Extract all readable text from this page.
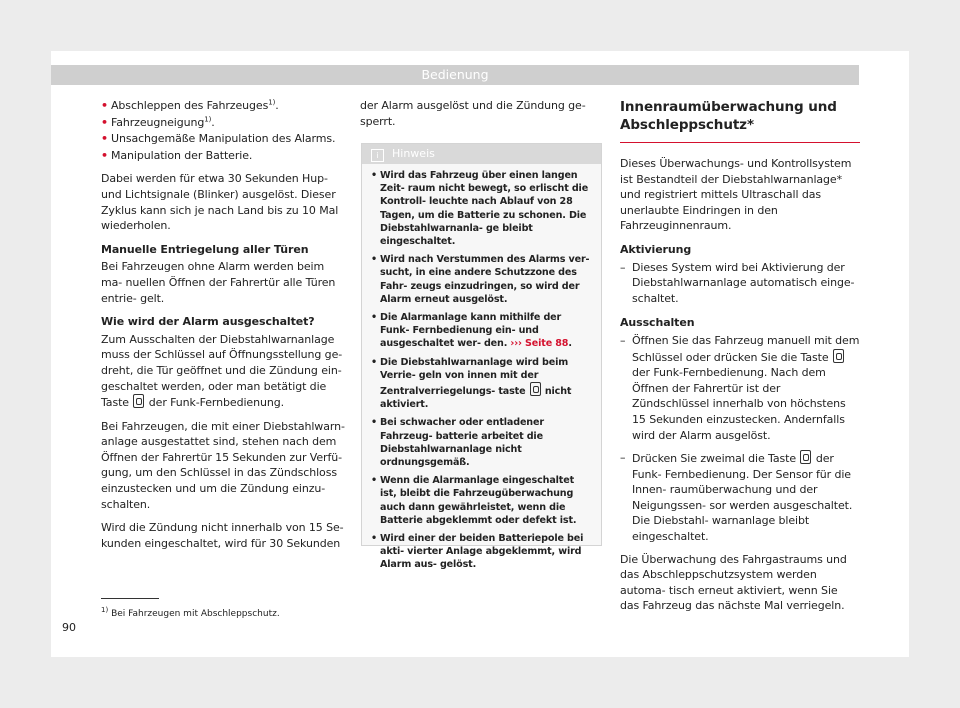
Bedienung
• Abschleppen des Fahrzeuges$^{1)}$.
• Fahrzeugneigung$^{1)}$.
• Unsachgemäße Manipulation des Alarms.
• Manipulation der Batterie.

Dabei werden für etwa 30 Sekunden Hup- und Lichtsignale (Blinker) ausgelöst. Dieser Zyklus kann sich je nach Land bis zu 10 Mal wiederholen.

Manuelle Entriegelung aller Türen

Bei Fahrzeugen ohne Alarm werden beim ma- nuellen Öffnen der Fahrertür alle Türen entrie- gelt.

Wie wird der Alarm ausgeschaltet?

Zum Ausschalten der Diebstahlwarnanlage muss der Schlüssel auf Öffnungsstellung ge- dreht, die Tür geöffnet und die Zündung ein- geschaltet werden, oder man betätigt die Taste der Funk-Fernbedienung.

Bei Fahrzeugen, die mit einer Diebstahlwarn- anlage ausgestattet sind, stehen nach dem Öffnen der Fahrertür 15 Sekunden zur Verfü- gung, um den Schlüssel in das Zündschloss einzustecken und um die Zündung einzu- schalten.

Wird die Zündung nicht innerhalb von 15 Se- kunden eingeschaltet, wird für 30 Sekunden

der Alarm ausgelöst und die Zündung ge- sperrt.

i Hinweis
• Wird das Fahrzeug über einen langen Zeit- raum nicht bewegt, so erlischt die Kontroll- leuchte nach Ablauf von 28 Tagen, um die Batterie zu schonen. Die Diebstahlwarnanla- ge bleibt eingeschaltet.
• Wird nach Verstummen des Alarms ver- sucht, in eine andere Schutzzone des Fahr- zeugs einzudringen, so wird der Alarm erneut ausgelöst.
• Die Alarmanlage kann mithilfe der Funk- Fernbedienung ein- und ausgeschaltet wer- den. ››› Seite 88.
• Die Diebstahlwarnanlage wird beim Verrie- geln von innen mit der Zentralverriegelungs- taste nicht aktiviert.
• Bei schwacher oder entladener Fahrzeug- batterie arbeitet die Diebstahlwarnanlage nicht ordnungsgemäß.
• Wenn die Alarmanlage eingeschaltet ist, bleibt die Fahrzeugüberwachung auch dann gewährleistet, wenn die Batterie abgeklemmt oder defekt ist.
• Wird einer der beiden Batteriepole bei akti- vierter Anlage abgeklemmt, wird Alarm aus- gelöst.
Innenraumüberwachung und Abschleppschutz*

Dieses Überwachungs- und Kontrollsystem ist Bestandteil der Diebstahlwarnanlage* und registriert mittels Ultraschall das unerlaubte Eindringen in den Fahrzeuginnenraum.

Aktivierung

– Dieses System wird bei Aktivierung der Diebstahlwarnanlage automatisch einge- schaltet.

Ausschalten

– Öffnen Sie das Fahrzeug manuell mit dem Schlüssel oder drücken Sie die Taste  der Funk-Fernbedienung. Nach dem Öffnen der Fahrertür ist der Zündschlüssel innerhalb von höchstens 15 Sekunden einzustecken. Andernfalls wird der Alarm ausgelöst.
– Drücken Sie zweimal die Taste der Funk- Fernbedienung. Der Sensor für die Innen- raumüberwachung und der Neigungssen- sor werden ausgeschaltet. Die Diebstahl- warnanlage bleibt eingeschaltet.

Die Überwachung des Fahrgastraums und das Abschleppschutzsystem werden automa- tisch erneut aktiviert, wenn Sie das Fahrzeug das nächste Mal verriegeln.

$^{1)}$ Bei Fahrzeugen mit Abschleppschutz.
90
